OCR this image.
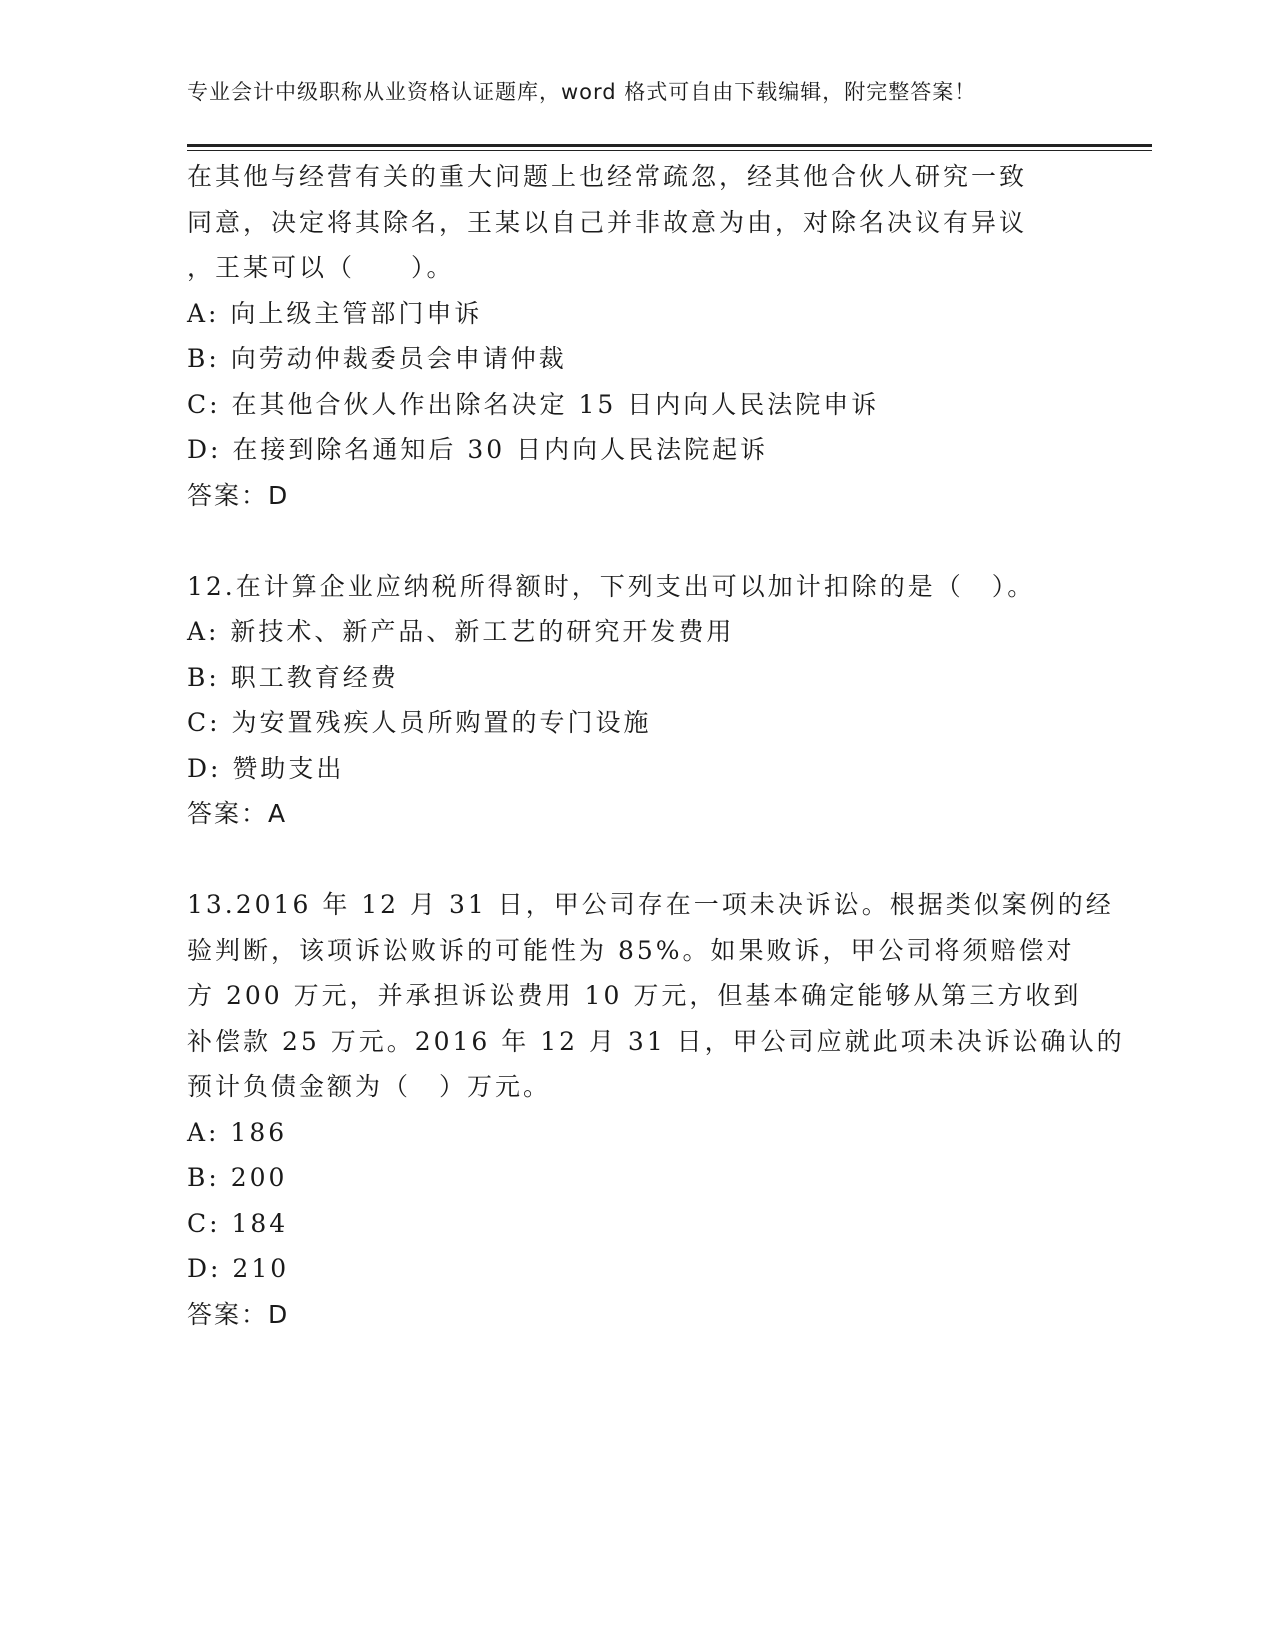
专业会计中级职称从业资格认证题库，word 格式可自由下载编辑，附完整答案！
在其他与经营有关的重大问题上也经常疏忽，经其他合伙人研究一致
同意，决定将其除名，王某以自己并非故意为由，对除名决议有异议
，王某可以（　　）。
A: 向上级主管部门申诉
B: 向劳动仲裁委员会申请仲裁
C: 在其他合伙人作出除名决定 15 日内向人民法院申诉
D: 在接到除名通知后 30 日内向人民法院起诉
答案：D
12.在计算企业应纳税所得额时，下列支出可以加计扣除的是（　）。
A: 新技术、新产品、新工艺的研究开发费用
B: 职工教育经费
C: 为安置残疾人员所购置的专门设施
D: 赞助支出
答案：A
13.2016 年 12 月 31 日，甲公司存在一项未决诉讼。根据类似案例的经
验判断，该项诉讼败诉的可能性为 85%。如果败诉，甲公司将须赔偿对
方 200 万元，并承担诉讼费用 10 万元，但基本确定能够从第三方收到
补偿款 25 万元。2016 年 12 月 31 日，甲公司应就此项未决诉讼确认的
预计负债金额为（　）万元。
A: 186
B: 200
C: 184
D: 210
答案：D
